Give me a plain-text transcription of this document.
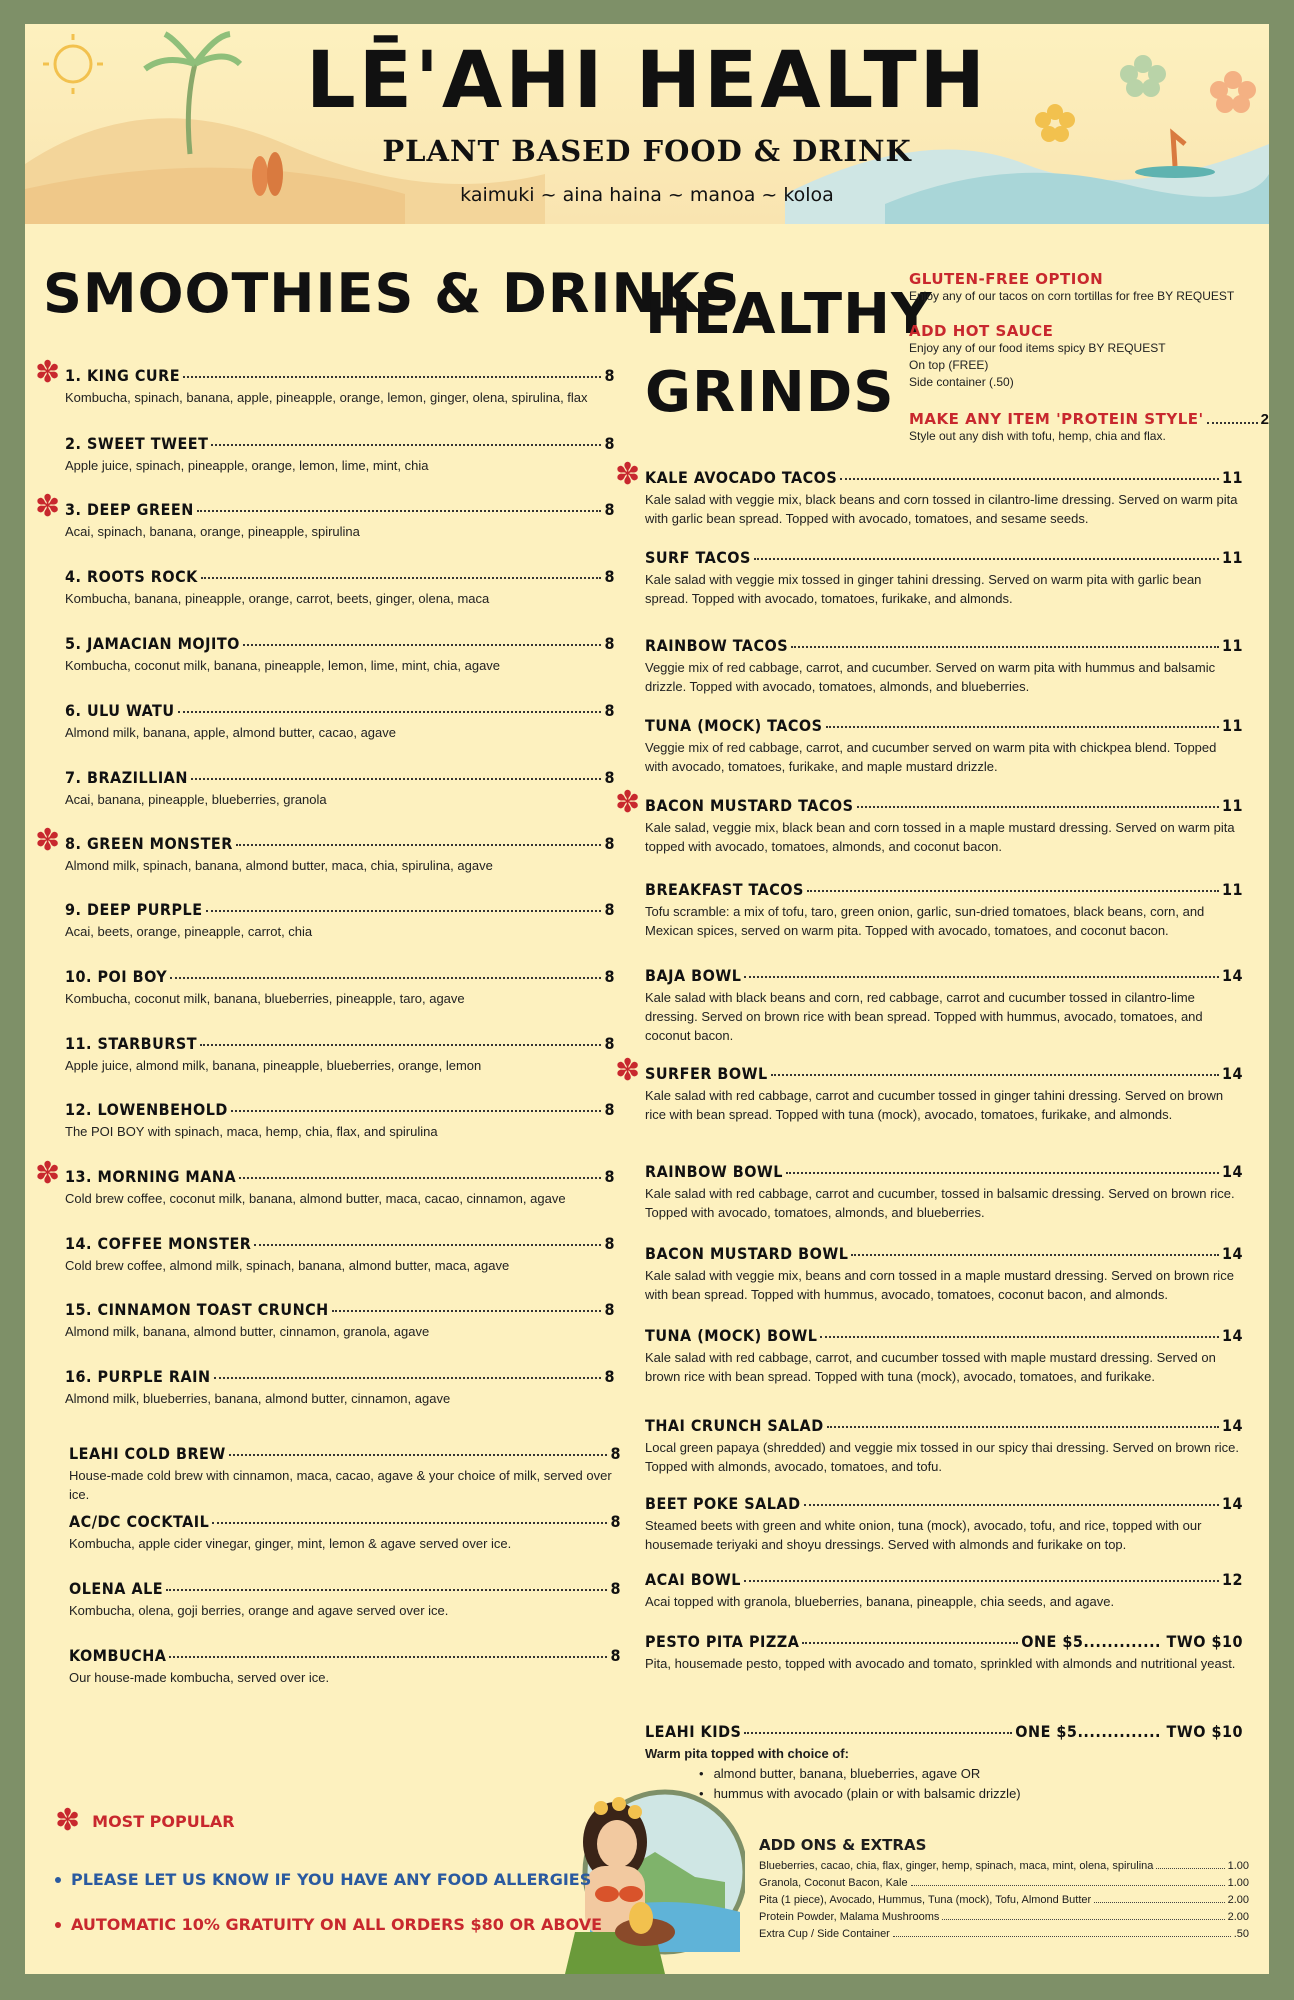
LĒ'AHI HEALTH
PLANT BASED FOOD & DRINK
kaimuki ~ aina haina ~ manoa ~ koloa
SMOOTHIES & DRINKS
1. KING CURE	8
Kombucha, spinach, banana, apple, pineapple, orange, lemon, ginger, olena, spirulina, flax
✽
2. SWEET TWEET	8
Apple juice, spinach, pineapple, orange, lemon, lime, mint, chia
3. DEEP GREEN	8
Acai, spinach, banana, orange, pineapple, spirulina
✽
4. ROOTS ROCK	8
Kombucha, banana, pineapple, orange, carrot, beets, ginger, olena, maca
5. JAMACIAN MOJITO	8
Kombucha, coconut milk, banana, pineapple, lemon, lime, mint, chia, agave
6. ULU WATU	8
Almond milk, banana, apple, almond butter, cacao, agave
7. BRAZILLIAN	8
Acai, banana, pineapple, blueberries, granola
8. GREEN MONSTER	8
Almond milk, spinach, banana, almond butter, maca, chia, spirulina, agave
✽
9. DEEP PURPLE	8
Acai, beets, orange, pineapple, carrot, chia
10. POI BOY	8
Kombucha, coconut milk, banana, blueberries, pineapple, taro, agave
11. STARBURST	8
Apple juice, almond milk, banana, pineapple, blueberries, orange, lemon
12. LOWENBEHOLD	8
The POI BOY with spinach, maca, hemp, chia, flax, and spirulina
13. MORNING MANA	8
Cold brew coffee, coconut milk, banana, almond butter, maca, cacao, cinnamon, agave
✽
14. COFFEE MONSTER	8
Cold brew coffee, almond milk, spinach, banana, almond butter, maca, agave
15. CINNAMON TOAST CRUNCH	8
Almond milk, banana, almond butter, cinnamon, granola, agave
16. PURPLE RAIN	8
Almond milk, blueberries, banana, almond butter, cinnamon, agave
LEAHI COLD BREW	8
House-made cold brew with cinnamon, maca, cacao, agave & your choice of milk, served over ice.
AC/DC COCKTAIL	8
Kombucha, apple cider vinegar, ginger, mint, lemon & agave served over ice.
OLENA ALE	8
Kombucha, olena, goji berries, orange and agave served over ice.
KOMBUCHA	8
Our house-made kombucha, served over ice.
KALE AVOCADO TACOS	11
Kale salad with veggie mix, black beans and corn tossed in cilantro-lime dressing. Served on warm pita with garlic bean spread. Topped with avocado, tomatoes, and sesame seeds.
✽
SURF TACOS	11
Kale salad with veggie mix tossed in ginger tahini dressing. Served on warm pita with garlic bean spread. Topped with avocado, tomatoes, furikake, and almonds.
RAINBOW TACOS	11
Veggie mix of red cabbage, carrot, and cucumber. Served on warm pita with hummus and balsamic drizzle. Topped with avocado, tomatoes, almonds, and blueberries.
TUNA (MOCK) TACOS	11
Veggie mix of red cabbage, carrot, and cucumber served on warm pita with chickpea blend. Topped with avocado, tomatoes, furikake, and maple mustard drizzle.
BACON MUSTARD TACOS	11
Kale salad, veggie mix, black bean and corn tossed in a maple mustard dressing. Served on warm pita topped with avocado, tomatoes, almonds, and coconut bacon.
✽
BREAKFAST TACOS	11
Tofu scramble: a mix of tofu, taro, green onion, garlic, sun-dried tomatoes, black beans, corn, and Mexican spices, served on warm pita. Topped with avocado, tomatoes, and coconut bacon.
BAJA BOWL	14
Kale salad with black beans and corn, red cabbage, carrot and cucumber tossed in cilantro-lime dressing. Served on brown rice with bean spread. Topped with hummus, avocado, tomatoes, and coconut bacon.
SURFER BOWL	14
Kale salad with red cabbage, carrot and cucumber tossed in ginger tahini dressing. Served on brown rice with bean spread. Topped with tuna (mock), avocado, tomatoes, furikake, and almonds.
✽
RAINBOW BOWL	14
Kale salad with red cabbage, carrot and cucumber, tossed in balsamic dressing. Served on brown rice. Topped with avocado, tomatoes, almonds, and blueberries.
BACON MUSTARD BOWL	14
Kale salad with veggie mix, beans and corn tossed in a maple mustard dressing. Served on brown rice with bean spread. Topped with hummus, avocado, tomatoes, coconut bacon, and almonds.
TUNA (MOCK) BOWL	14
Kale salad with red cabbage, carrot, and cucumber tossed with maple mustard dressing. Served on brown rice with bean spread. Topped with tuna (mock), avocado, tomatoes, and furikake.
THAI CRUNCH SALAD	14
Local green papaya (shredded) and veggie mix tossed in our spicy thai dressing. Served on brown rice. Topped with almonds, avocado, tomatoes, and tofu.
BEET POKE SALAD	14
Steamed beets with green and white onion, tuna (mock), avocado, tofu, and rice, topped with our housemade teriyaki and shoyu dressings. Served with almonds and furikake on top.
ACAI BOWL	12
Acai topped with granola, blueberries, banana, pineapple, chia seeds, and agave.
PESTO PITA PIZZA	ONE $5............. TWO $10
Pita, housemade pesto, topped with avocado and tomato, sprinkled with almonds and nutritional yeast.
HEALTHY
GRINDS
GLUTEN-FREE OPTION
Enjoy any of our tacos on corn tortillas for free BY REQUEST
ADD HOT SAUCE
Enjoy any of our food items spicy BY REQUEST
On top (FREE)
Side container (.50)
MAKE ANY ITEM 'PROTEIN STYLE'	2
Style out any dish with tofu, hemp, chia and flax.
LEAHI KIDS	ONE $5.............. TWO $10
Warm pita topped with choice of:
• almond butter, banana, blueberries, agave OR
• hummus with avocado (plain or with balsamic drizzle)
ADD ONS & EXTRAS
Blueberries, cacao, chia, flax, ginger, hemp, spinach, maca, mint, olena, spirulina	1.00
Granola, Coconut Bacon, Kale	1.00
Pita (1 piece), Avocado, Hummus, Tuna (mock), Tofu, Almond Butter	2.00
Protein Powder, Malama Mushrooms	2.00
Extra Cup / Side Container	.50
✽ MOST POPULAR
PLEASE LET US KNOW IF YOU HAVE ANY FOOD ALLERGIES
AUTOMATIC 10% GRATUITY ON ALL ORDERS $80 OR ABOVE
